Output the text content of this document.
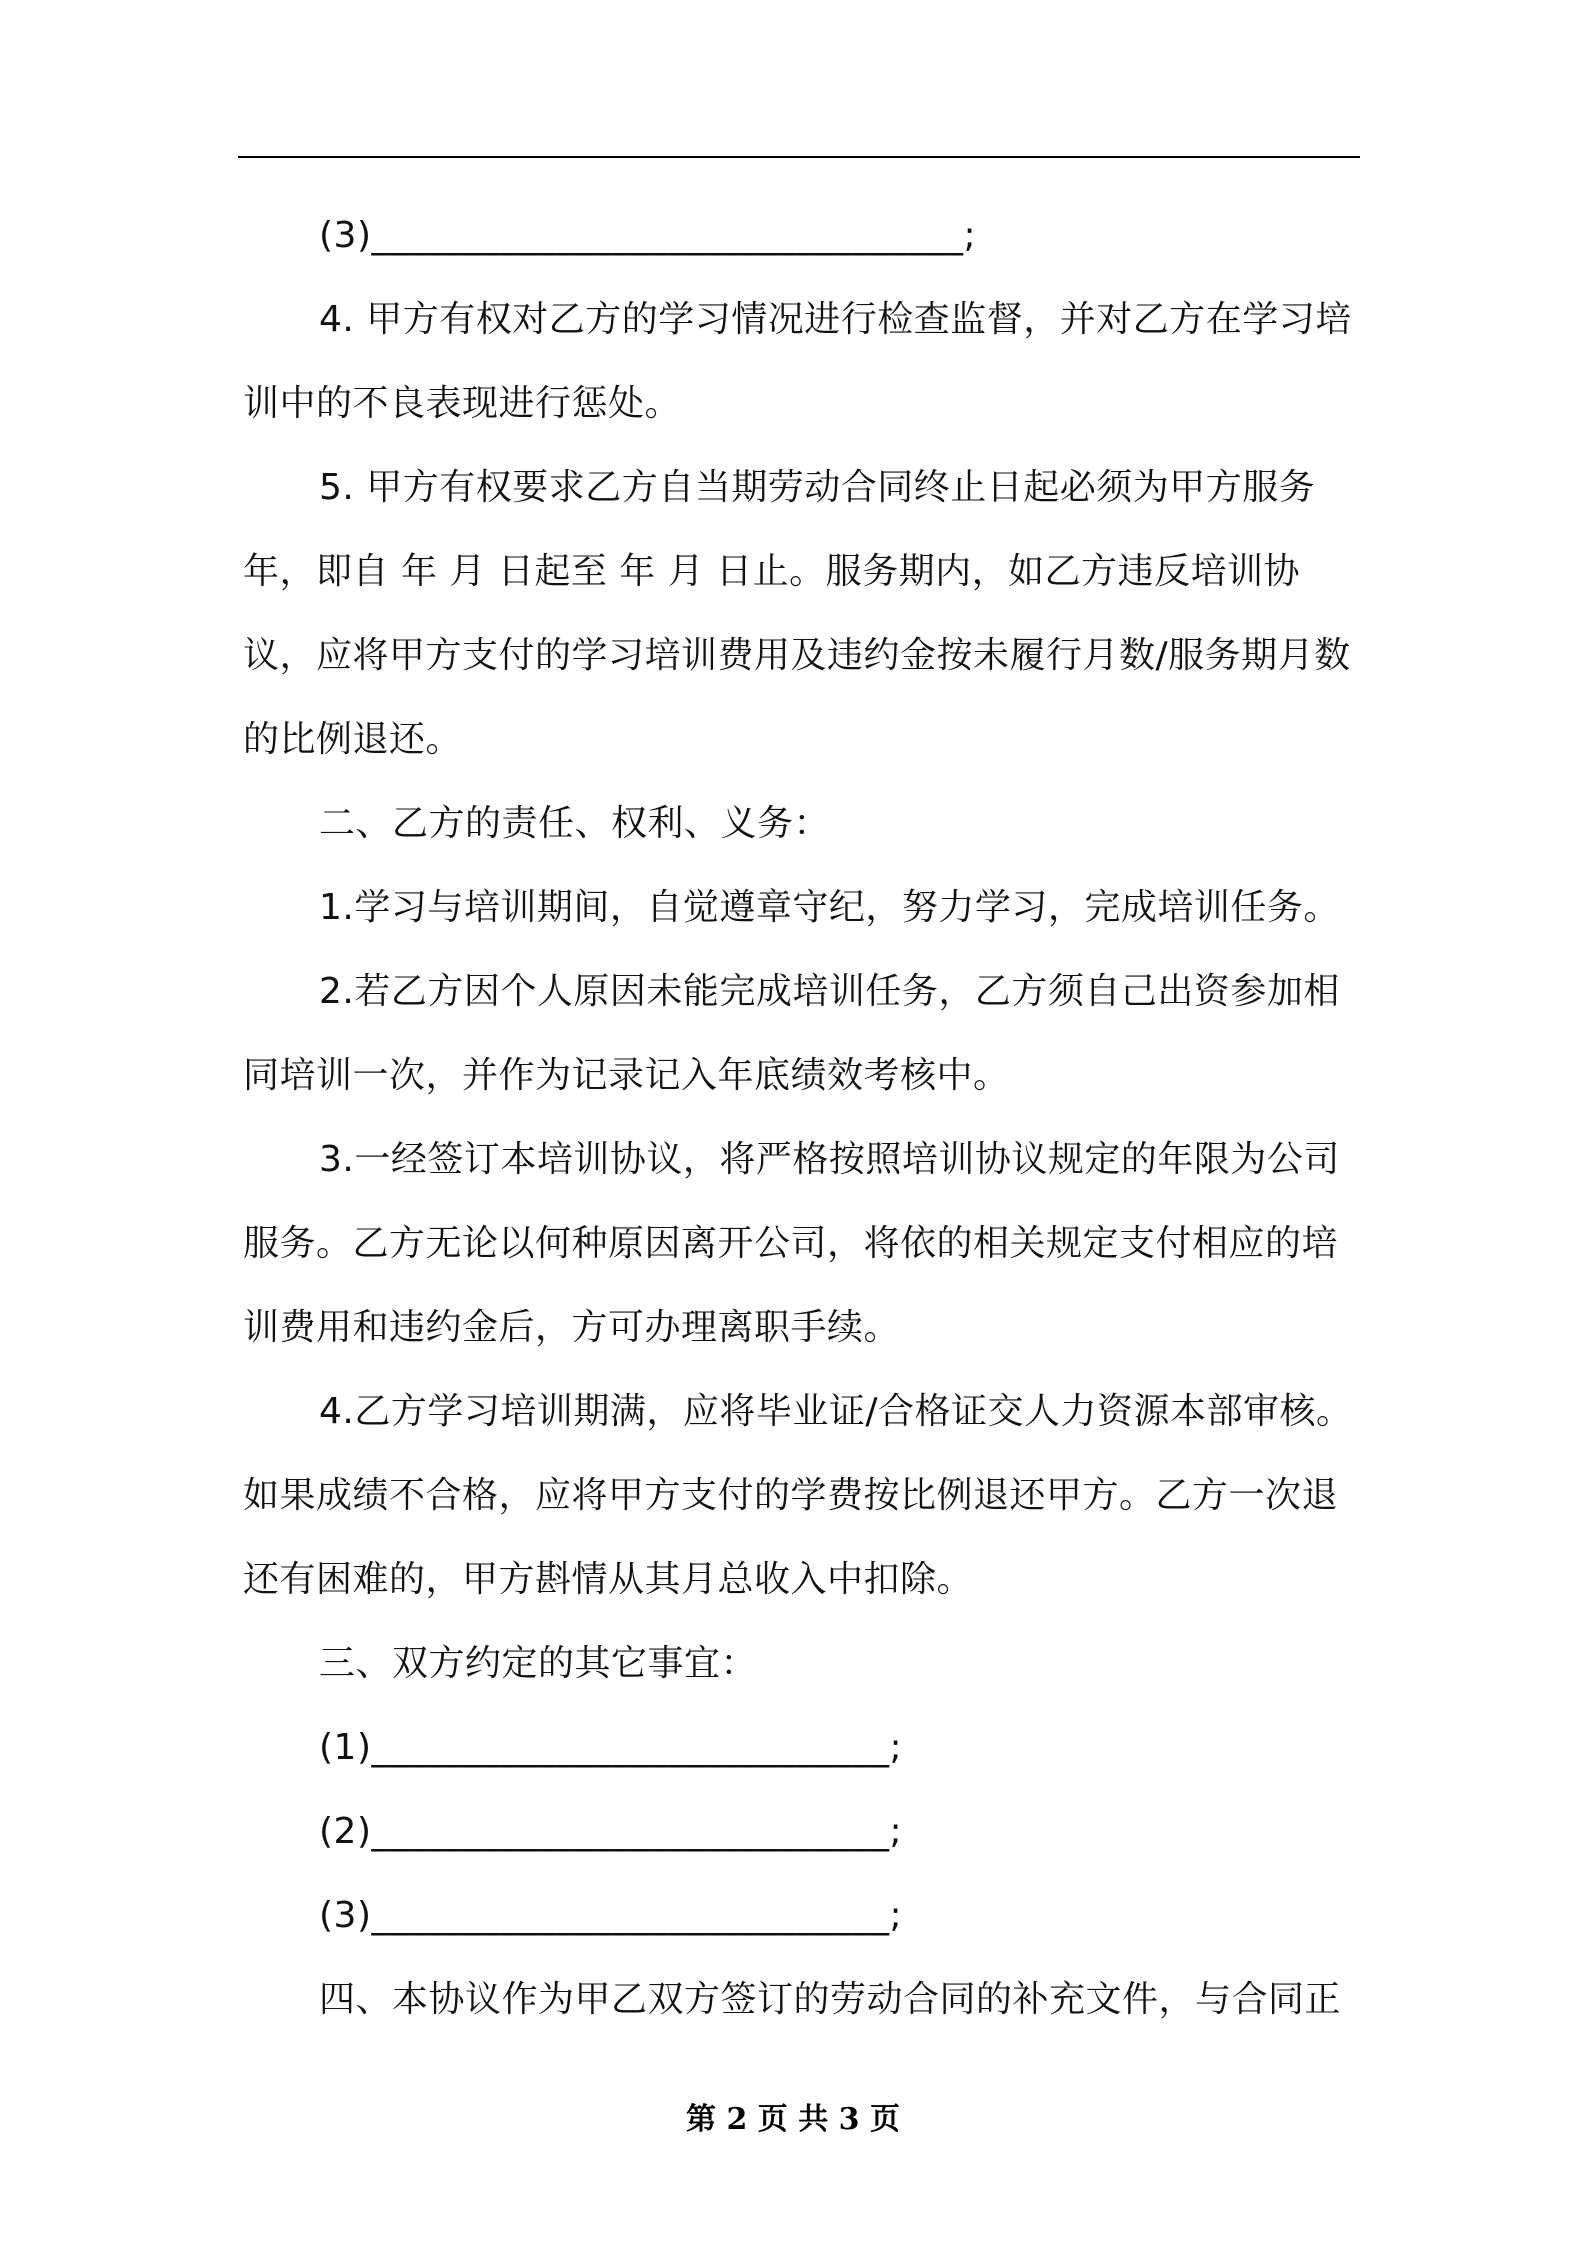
(3)________________________________;

4. 甲方有权对乙方的学习情况进行检查监督，并对乙方在学习培训中的不良表现进行惩处。

5. 甲方有权要求乙方自当期劳动合同终止日起必须为甲方服务 年，即自 年 月 日起至 年 月 日止。服务期内，如乙方违反培训协议，应将甲方支付的学习培训费用及违约金按未履行月数/服务期月数的比例退还。

二、乙方的责任、权利、义务：

1.学习与培训期间，自觉遵章守纪，努力学习，完成培训任务。

2.若乙方因个人原因未能完成培训任务，乙方须自己出资参加相同培训一次，并作为记录记入年底绩效考核中。

3.一经签订本培训协议，将严格按照培训协议规定的年限为公司服务。乙方无论以何种原因离开公司，将依的相关规定支付相应的培训费用和违约金后，方可办理离职手续。

4.乙方学习培训期满，应将毕业证/合格证交人力资源本部审核。如果成绩不合格，应将甲方支付的学费按比例退还甲方。乙方一次退还有困难的，甲方斟情从其月总收入中扣除。

三、双方约定的其它事宜：

(1)____________________________;

(2)____________________________;

(3)____________________________;

四、本协议作为甲乙双方签订的劳动合同的补充文件，与合同正

第 2 页 共 3 页
